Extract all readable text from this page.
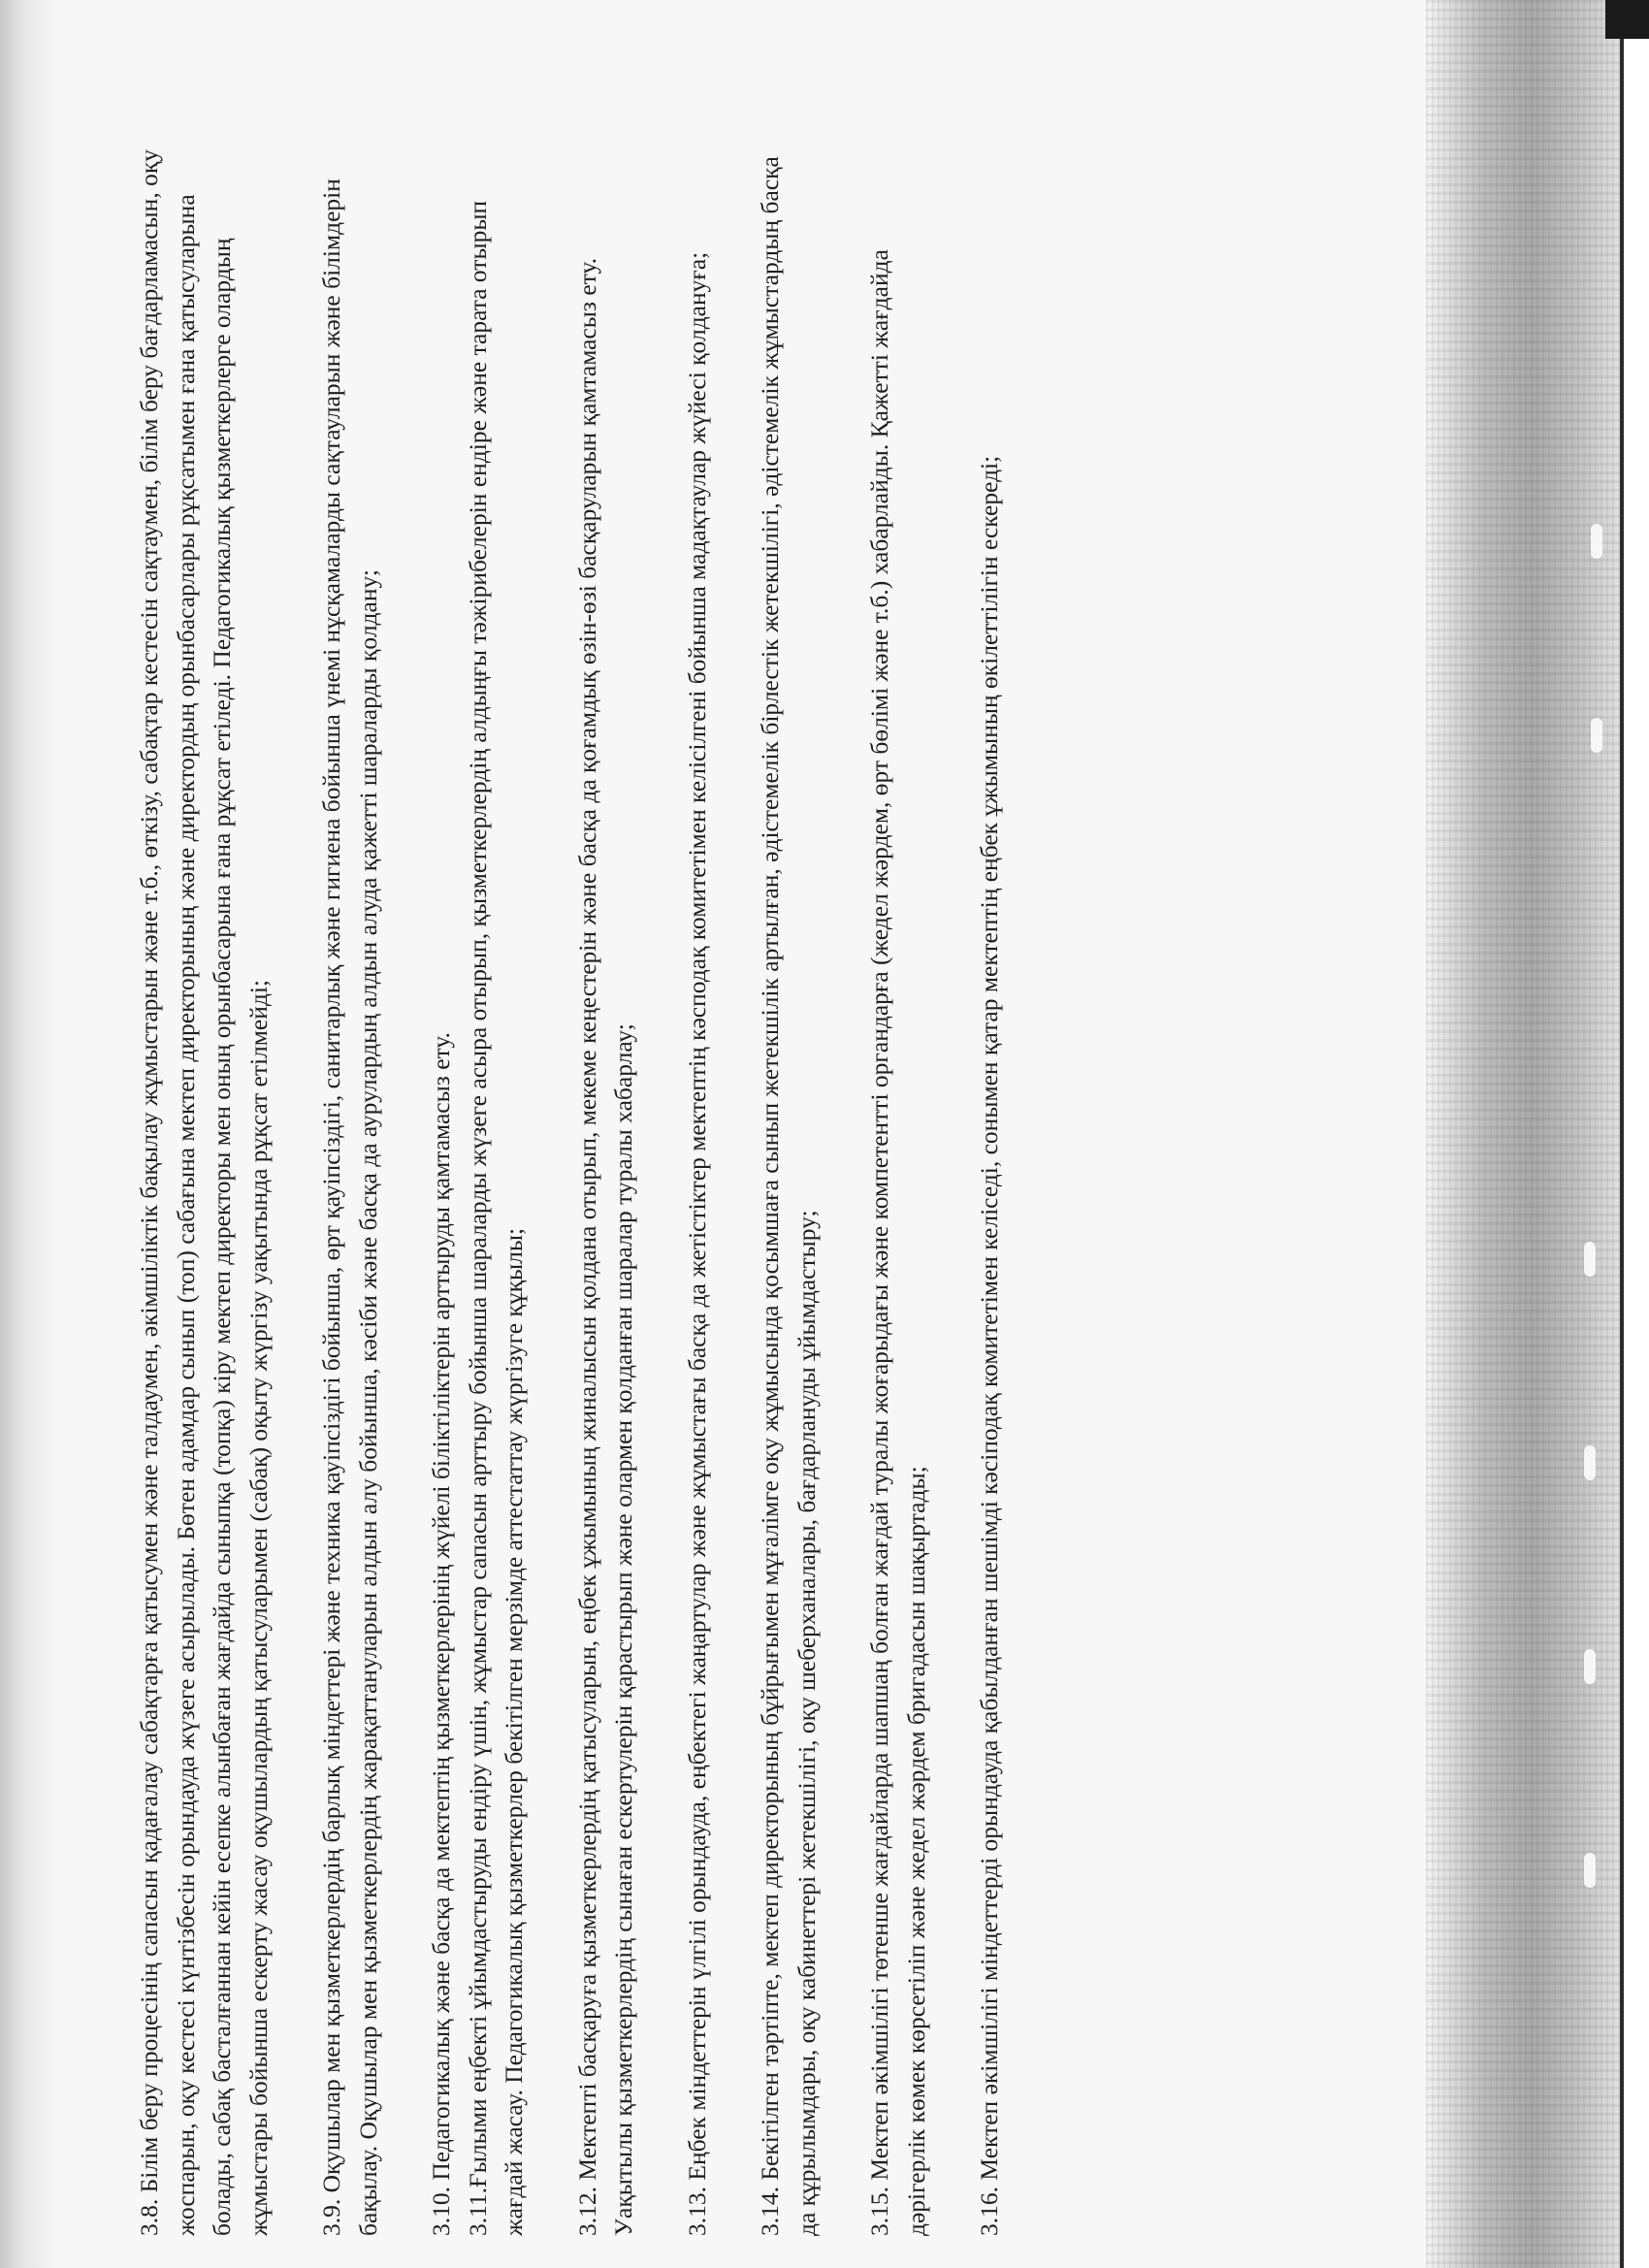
3.8. Білім беру процесінің сапасын қадағалау сабақтарға қатысумен және талдаумен, әкімшіліктік бақылау жұмыстарын және т.б., өткізу, сабақтар кестесін сақтаумен, білім беру бағдарламасын, оқу жоспарын, оқу кестесі күнтізбесін орындауда жүзеге асырылады. Бөтен адамдар сынып (топ) сабағына мектеп директорының және директордың орынбасарлары рұқсатымен ғана қатысуларына болады, сабақ басталғаннан кейін есепке алынбаған жағдайда сыныпқа (топқа) кіру мектеп директоры мен оның орынбасарына ғана рұқсат етіледі. Педагогикалық қызметкерлерге олардың жұмыстары бойынша ескерту жасау оқушылардың қатысуларымен (сабақ) оқыту жүргізу уақытында рұқсат етілмейді; 3.9. Оқушылар мен қызметкерлердің барлық міндеттері және техника қауіпсіздігі бойынша, өрт қауіпсіздігі, санитарлық және гигиена бойынша үнемі нұсқамаларды сақтауларын және білімдерін бақылау. Оқушылар мен қызметкерлердің жарақаттануларын алдын алу бойынша, кәсіби және басқа да аурулардың алдын алуда қажетті шараларды қолдану; 3.10. Педагогикалық және басқа да мектептің қызметкерлерінің жүйелі біліктіліктерін арттыруды қамтамасыз ету. 3.11.Ғылыми еңбекті ұйымдастыруды ендіру үшін, жұмыстар сапасын арттыру бойынша шараларды жүзеге асыра отырып, қызметкерлердің алдыңғы тәжірибелерін ендіре және тарата отырып жағдай жасау. Педагогикалық қызметкерлер бекітілген мерзімде аттестаттау жүргізуге құқылы; 3.12. Мектепті басқаруға қызметкерлердің қатысуларын, еңбек ұжымының жиналысын қолдана отырып, мекеме кеңестерін және басқа да қоғамдық өзін-өзі басқаруларын қамтамасыз ету. Уақытылы қызметкерлердің сынаған ескертулерін қарастырып және олармен қолданған шаралар туралы хабарлау; 3.13. Еңбек міндеттерін үлгілі орындауда, еңбектегі жаңартулар және жұмыстағы басқа да жетістіктер мектептің кәсподақ комитетімен келісілгені бойынша мадақтаулар жүйесі қолдануға; 3.14. Бекітілген тәртіпте, мектеп директорының бұйрығымен мұғалімге оқу жұмысында қосымшаға сынып жетекшілік артылған, әдістемелік бірлестік жетекшілігі, әдістемелік жұмыстардың басқа да құрылымдары, оқу кабинеттері жетекшілігі, оқу шеберханалары, бағдарлануды ұйымдастыру; 3.15. Мектеп әкімшілігі төтенше жағдайларда шапшаң болған жағдай туралы жоғарыдағы және компетентті органдарға (жедел жәрдем, өрт бөлімі және т.б.) хабарлайды. Қажетті жағдайда дәрігерлік көмек көрсетіліп және жедел жәрдем бригадасын шақыртады; 3.16. Мектеп әкімшілігі міндеттерді орындауда қабылданған шешімді кәсіподақ комитетімен келіседі, сонымен қатар мектептің еңбек ұжымының өкілеттілігін ескереді;
